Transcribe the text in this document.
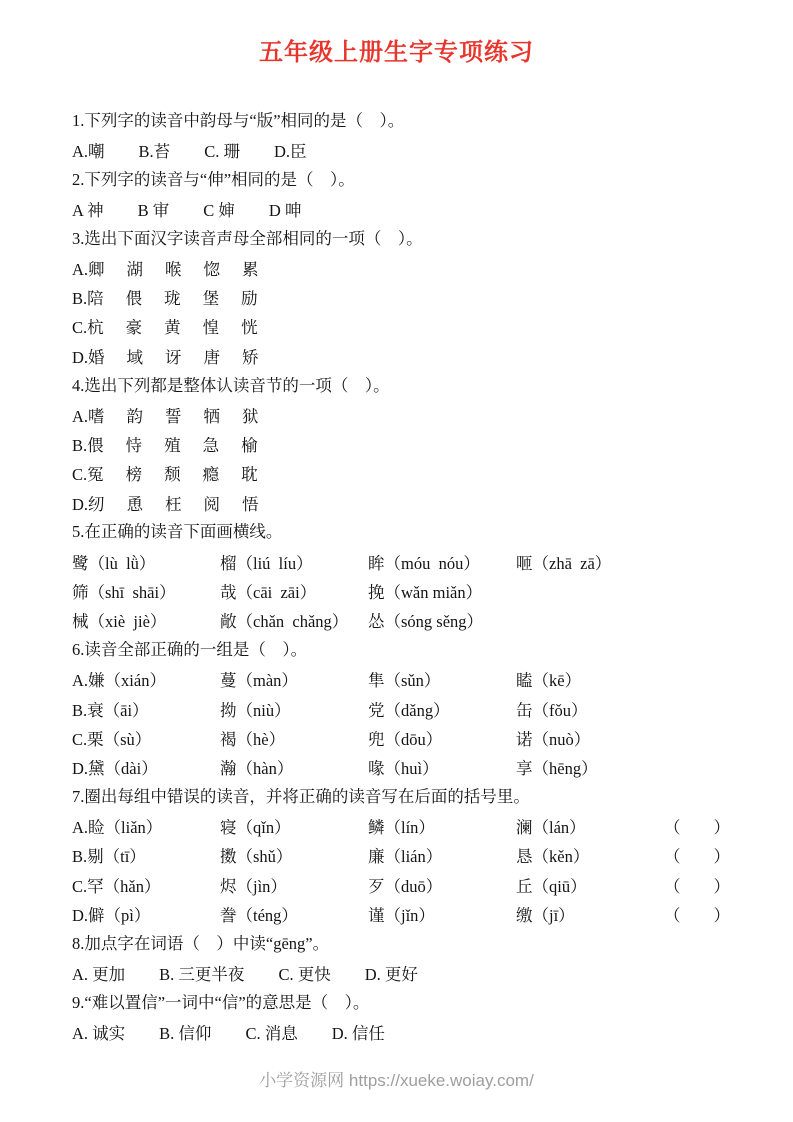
五年级上册生字专项练习
1.下列字的读音中韵母与“版”相同的是（　）。
A.嘲 B.苔 C. 珊 D.臣
2.下列字的读音与“伸”相同的是（　）。
A 神 B 审 C 婶 D 呻
3.选出下面汉字读音声母全部相同的一项（　）。
A.卿 湖 喉 惚 累
B.陪 偎 珑 堡 励
C.杭 豪 黄 惶 恍
D.婚 域 讶 唐 矫
4.选出下列都是整体认读音节的一项（　）。
A.嗜 韵 誓 牺 狱
B.偎 恃 殖 急 榆
C.冤 榜 颓 瘾 耽
D.纫 恿 枉 阅 悟
5.在正确的读音下面画横线。
鹭（lù  lǜ）	榴（liú  líu）	眸（móu  nóu）	咂（zhā  zā）
筛（shī  shāi）	哉（cāi  zāi）	挽（wǎn miǎn）
械（xiè  jiè）	敞（chǎn  chǎng） 怂（sóng sěng）
6.读音全部正确的一组是（　）。
A.嫌（xián）	蔓（màn）	隼（sǔn）	瞌（kē）
B.衰（āi）	拗（niù）	党（dǎng）	缶（fǒu）
C.栗（sù）	褐（hè）	兜（dōu）	诺（nuò）
D.黛（dài）	瀚（hàn）	喙（huì）	享（hēng）
7.圈出每组中错误的读音，并将正确的读音写在后面的括号里。
A.睑（liǎn）	寝（qǐn）	鳞（lín）	澜（lán）	（　　）
B.剔（tī）	擞（shǔ）	廉（lián）	恳（kěn）	（　　）
C.罕（hǎn）	烬（jìn）	歹（duō）	丘（qiū）	（　　）
D.僻（pì）	誊（téng）	谨（jǐn）	缴（jī）	（　　）
8.加点字在词语（　）中读“gēng”。
A. 更加 B. 三更半夜 C. 更快 D. 更好
9.“难以置信”一词中“信”的意思是（　）。
A. 诚实 B. 信仰 C. 消息 D. 信任
小学资源网 https://xueke.woiay.com/
